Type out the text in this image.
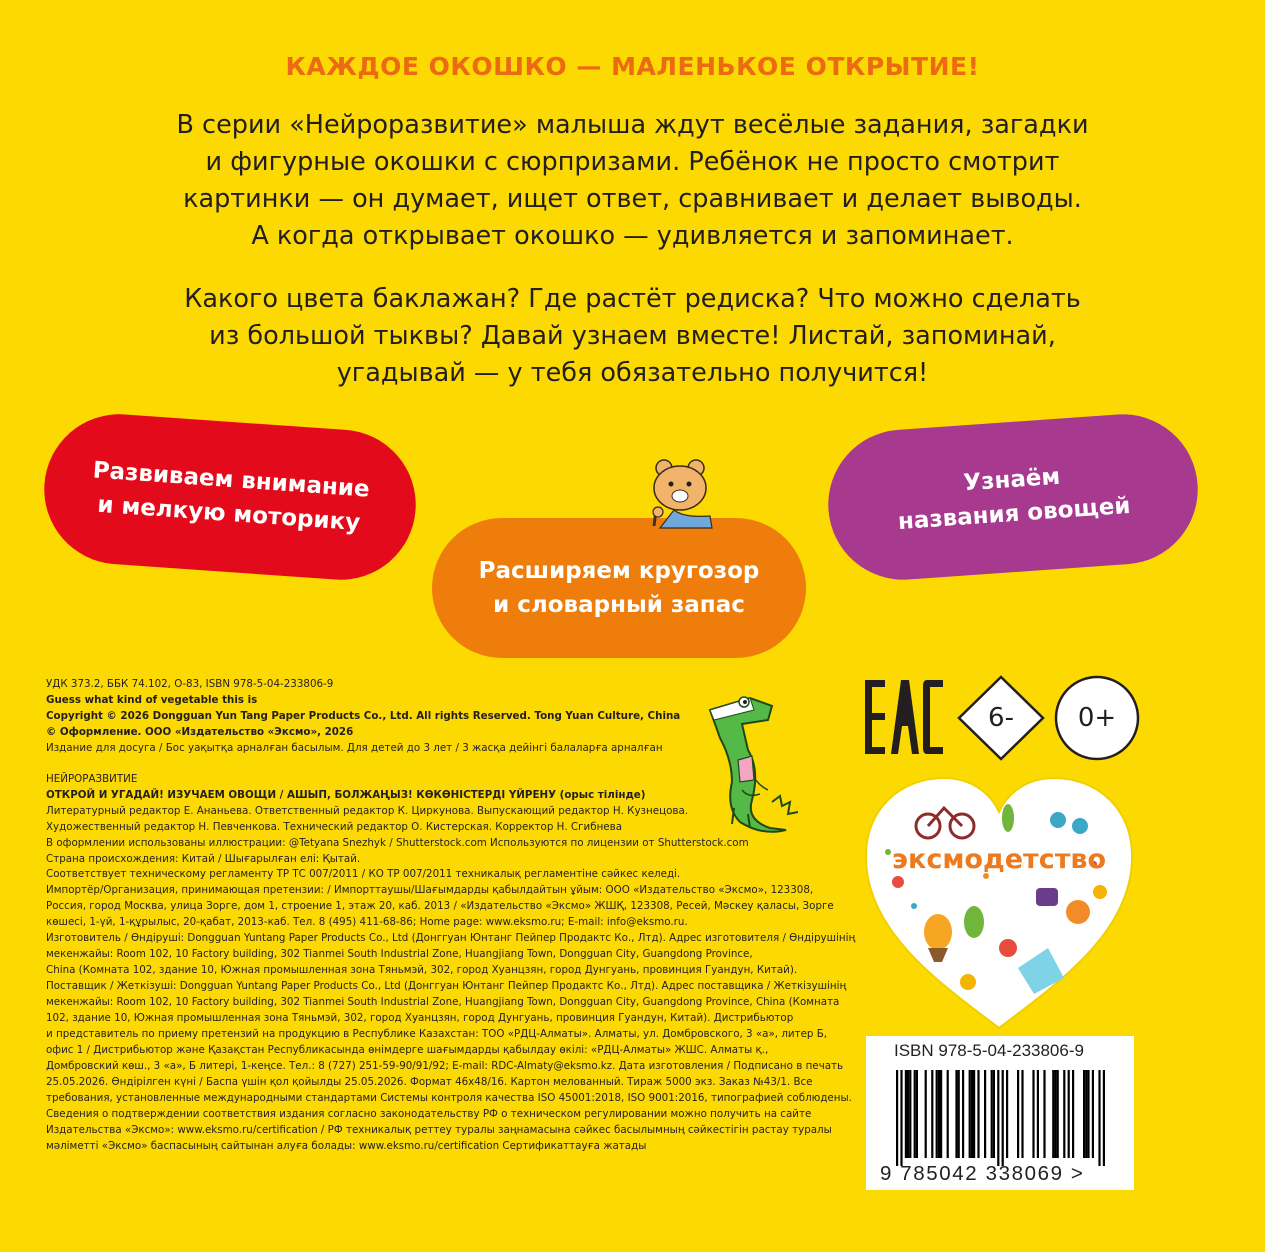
КАЖДОЕ ОКОШКО — МАЛЕНЬКОЕ ОТКРЫТИЕ!
В серии «Нейроразвитие» малыша ждут весёлые задания, загадки
и фигурные окошки с сюрпризами. Ребёнок не просто смотрит
картинки — он думает, ищет ответ, сравнивает и делает выводы.
А когда открывает окошко — удивляется и запоминает.
Какого цвета баклажан? Где растёт редиска? Что можно сделать
из большой тыквы? Давай узнаем вместе! Листай, запоминай,
угадывай — у тебя обязательно получится!
Развиваем внимание
и мелкую моторику
Расширяем кругозор
и словарный запас
Узнаём
названия овощей
УДК 373.2, ББК 74.102, О-83, ISBN 978-5-04-233806-9
Guess what kind of vegetable this is
Copyright © 2026 Dongguan Yun Tang Paper Products Co., Ltd. All rights Reserved. Tong Yuan Culture, China
© Оформление. ООО «Издательство «Эксмо», 2026
Издание для досуга / Бос уақытқа арналған басылым. Для детей до 3 лет / 3 жасқа дейінгі балаларға арналған
НЕЙРОРАЗВИТИЕ
ОТКРОЙ И УГАДАЙ! ИЗУЧАЕМ ОВОЩИ / АШЫП, БОЛЖАҢЫЗ! КӨКӨНІСТЕРДІ ҮЙРЕНУ (орыс тілінде)
Литературный редактор Е. Ананьева. Ответственный редактор К. Циркунова. Выпускающий редактор Н. Кузнецова.
Художественный редактор Н. Певченкова. Технический редактор О. Кистерская. Корректор Н. Сгибнева
В оформлении использованы иллюстрации: @Tetyana Snezhyk / Shutterstock.com Используются по лицензии от Shutterstock.com
Страна происхождения: Китай / Шығарылған елі: Қытай.
Соответствует техническому регламенту ТР ТС 007/2011 / КО ТР 007/2011 техникалық регламентіне сәйкес келеді.
Импортёр/Организация, принимающая претензии: / Импорттаушы/Шағымдарды қабылдайтын ұйым: ООО «Издательство «Эксмо», 123308,
Россия, город Москва, улица Зорге, дом 1, строение 1, этаж 20, каб. 2013 / «Издательство «Эксмо» ЖШҚ, 123308, Ресей, Мәскеу қаласы, Зорге
көшесі, 1-үй, 1-құрылыс, 20-қабат, 2013-каб. Тел. 8 (495) 411-68-86; Home page: www.eksmo.ru; E-mail: info@eksmo.ru.
Изготовитель / Өндіруші: Dongguan Yuntang Paper Products Co., Ltd (Донггуан Юнтанг Пейпер Продактс Ко., Лтд). Адрес изготовителя / Өндірушінің
мекенжайы: Room 102, 10 Factory building, 302 Tianmei South Industrial Zone, Huangjiang Town, Dongguan City, Guangdong Province,
China (Комната 102, здание 10, Южная промышленная зона Тяньмэй, 302, город Хуанцзян, город Дунгуань, провинция Гуандун, Китай).
Поставщик / Жеткізуші: Dongguan Yuntang Paper Products Co., Ltd (Донггуан Юнтанг Пейпер Продактс Ко., Лтд). Адрес поставщика / Жеткізушінің
мекенжайы: Room 102, 10 Factory building, 302 Tianmei South Industrial Zone, Huangjiang Town, Dongguan City, Guangdong Province, China (Комната
102, здание 10, Южная промышленная зона Тяньмэй, 302, город Хуанцзян, город Дунгуань, провинция Гуандун, Китай). Дистрибьютор
и представитель по приему претензий на продукцию в Республике Казахстан: ТОО «РДЦ-Алматы». Алматы, ул. Домбровского, 3 «а», литер Б,
офис 1 / Дистрибьютор және Қазақстан Республикасында өнімдерге шағымдарды қабылдау өкілі: «РДЦ-Алматы» ЖШС. Алматы қ.,
Домбровский көш., 3 «а», Б литері, 1-кеңсе. Тел.: 8 (727) 251-59-90/91/92; E-mail: RDC-Almaty@eksmo.kz. Дата изготовления / Подписано в печать
25.05.2026. Өндірілген күні / Баспа үшін қол қойылды 25.05.2026. Формат 46х48/16. Картон мелованный. Тираж 5000 экз. Заказ №43/1. Все
требования, установленные международными стандартами Системы контроля качества ISO 45001:2018, ISO 9001:2016, типографией соблюдены.
Сведения о подтверждении соответствия издания согласно законодательству РФ о техническом регулировании можно получить на сайте
Издательства «Эксмо»: www.eksmo.ru/certification / РФ техникалық реттеу туралы заңнамасына сәйкес басылымның сәйкестігін растау туралы
мәліметті «Эксмо» баспасының сайтынан алуға болады: www.eksmo.ru/certification Сертификаттауға жатады
6-	0+
эксмодетство
ISBN 978-5-04-233806-9
9 785042 338069 >
